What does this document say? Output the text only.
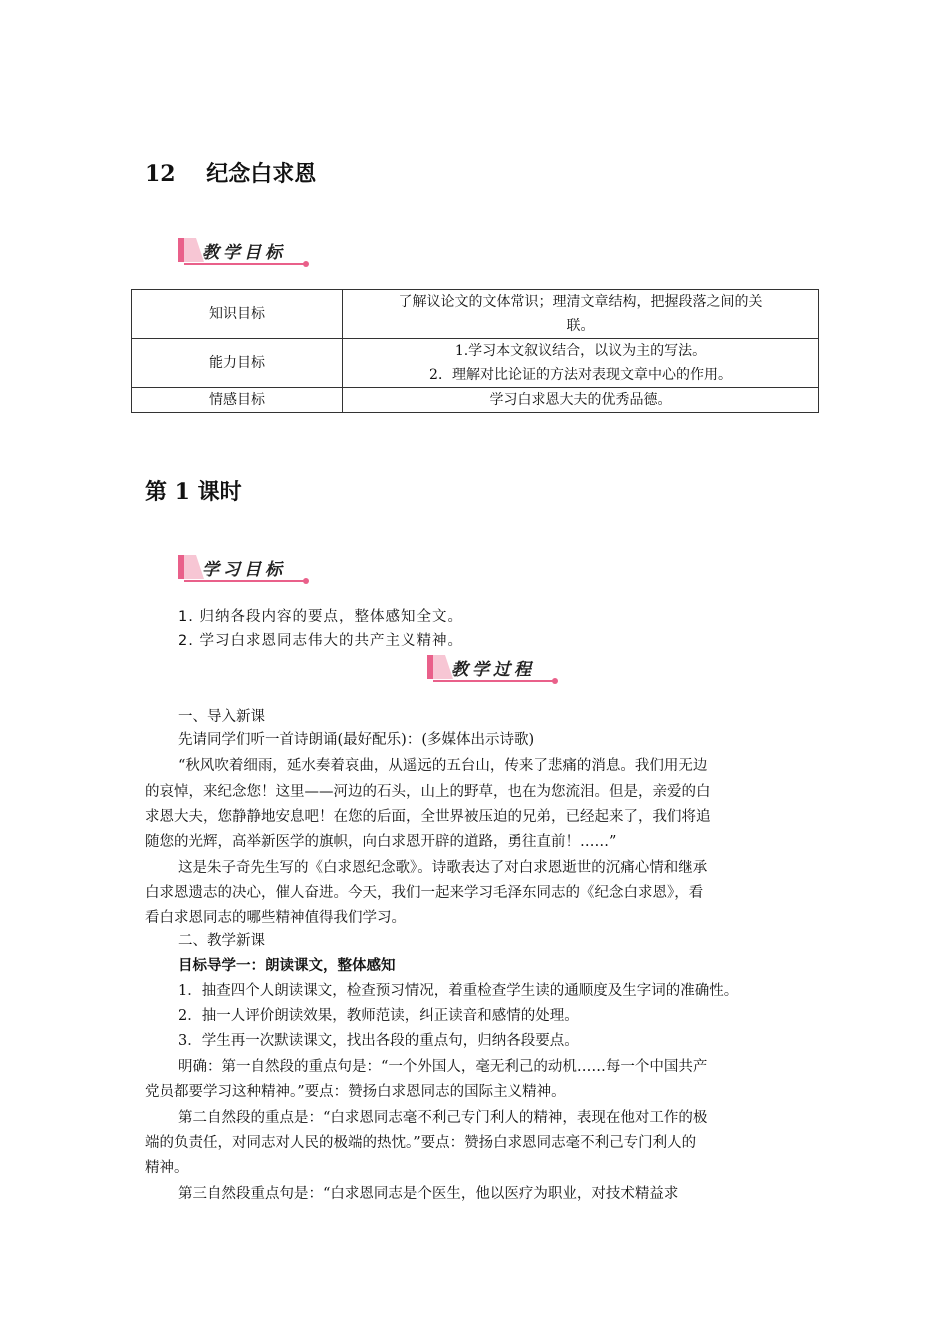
12 纪念白求恩
教学目标
知识目标	了解议论文的文体常识；理清文章结构，把握段落之间的关
联。

能力目标	1.学习本文叙议结合，以议为主的写法。
2．理解对比论证的方法对表现文章中心的作用。

情感目标	学习白求恩大夫的优秀品德。
第 1 课时
学习目标
1. 归纳各段内容的要点，整体感知全文。
2. 学习白求恩同志伟大的共产主义精神。
教学过程
一、导入新课
先请同学们听一首诗朗诵(最好配乐)：(多媒体出示诗歌)
“秋风吹着细雨，延水奏着哀曲，从遥远的五台山，传来了悲痛的消息。我们用无边
的哀悼，来纪念您！这里——河边的石头，山上的野草，也在为您流泪。但是，亲爱的白
求恩大夫，您静静地安息吧！在您的后面，全世界被压迫的兄弟，已经起来了，我们将追
随您的光辉，高举新医学的旗帜，向白求恩开辟的道路，勇往直前！……”
这是朱子奇先生写的《白求恩纪念歌》。诗歌表达了对白求恩逝世的沉痛心情和继承
白求恩遗志的决心，催人奋进。今天，我们一起来学习毛泽东同志的《纪念白求恩》，看
看白求恩同志的哪些精神值得我们学习。
二、教学新课
目标导学一：朗读课文，整体感知
1．抽查四个人朗读课文，检查预习情况，着重检查学生读的通顺度及生字词的准确性。
2．抽一人评价朗读效果，教师范读，纠正读音和感情的处理。
3．学生再一次默读课文，找出各段的重点句，归纳各段要点。
明确：第一自然段的重点句是：“一个外国人，毫无利己的动机……每一个中国共产
党员都要学习这种精神。”要点：赞扬白求恩同志的国际主义精神。
第二自然段的重点是：“白求恩同志毫不利己专门利人的精神，表现在他对工作的极
端的负责任，对同志对人民的极端的热忱。”要点：赞扬白求恩同志毫不利己专门利人的
精神。
第三自然段重点句是：“白求恩同志是个医生，他以医疗为职业，对技术精益求
